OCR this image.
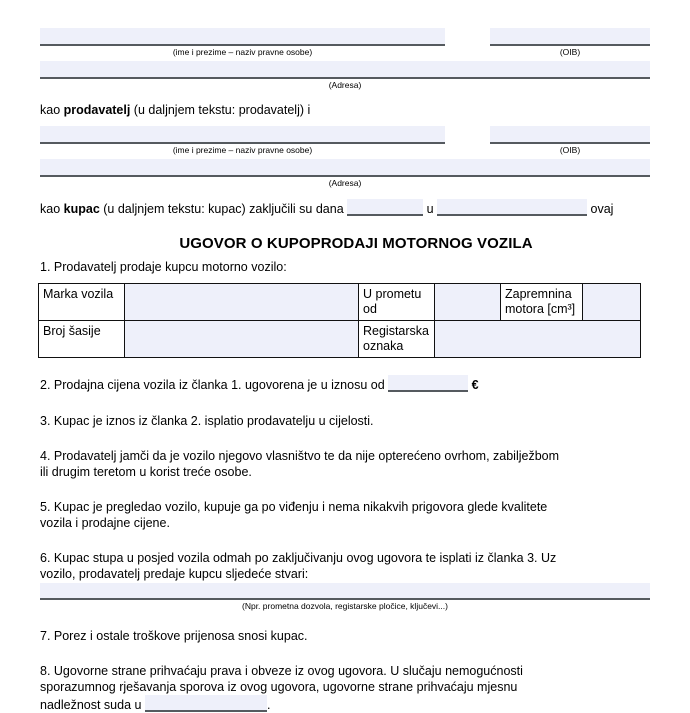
(ime i prezime – naziv pravne osobe)	(OIB)
(Adresa)

kao prodavatelj (u daljnjem tekstu: prodavatelj) i

(ime i prezime – naziv pravne osobe)	(OIB)
(Adresa)

kao kupac (u daljnjem tekstu: kupac) zaključili su dana	u	ovaj

UGOVOR O KUPOPRODAJI MOTORNOG VOZILA

1. Prodavatelj prodaje kupcu motorno vozilo:

Marka vozila		U prometu od		Zapremnina motora [cm³]	
Broj šasije		Registarska oznaka			

2. Prodajna cijena vozila iz članka 1. ugovorena je u iznosu od	€

3. Kupac je iznos iz članka 2. isplatio prodavatelju u cijelosti.

4. Prodavatelj jamči da je vozilo njegovo vlasništvo te da nije opterećeno ovrhom, zabilježbom ili drugim teretom u korist treće osobe.

5. Kupac je pregledao vozilo, kupuje ga po viđenju i nema nikakvih prigovora glede kvalitete vozila i prodajne cijene.

6. Kupac stupa u posjed vozila odmah po zaključivanju ovog ugovora te isplati iz članka 3. Uz vozilo, prodavatelj predaje kupcu sljedeće stvari:

(Npr. prometna dozvola, registarske pločice, ključevi...)

7. Porez i ostale troškove prijenosa snosi kupac.

8. Ugovorne strane prihvaćaju prava i obveze iz ovog ugovora. U slučaju nemogućnosti sporazumnog rješavanja sporova iz ovog ugovora, ugovorne strane prihvaćaju mjesnu nadležnost suda u	.
